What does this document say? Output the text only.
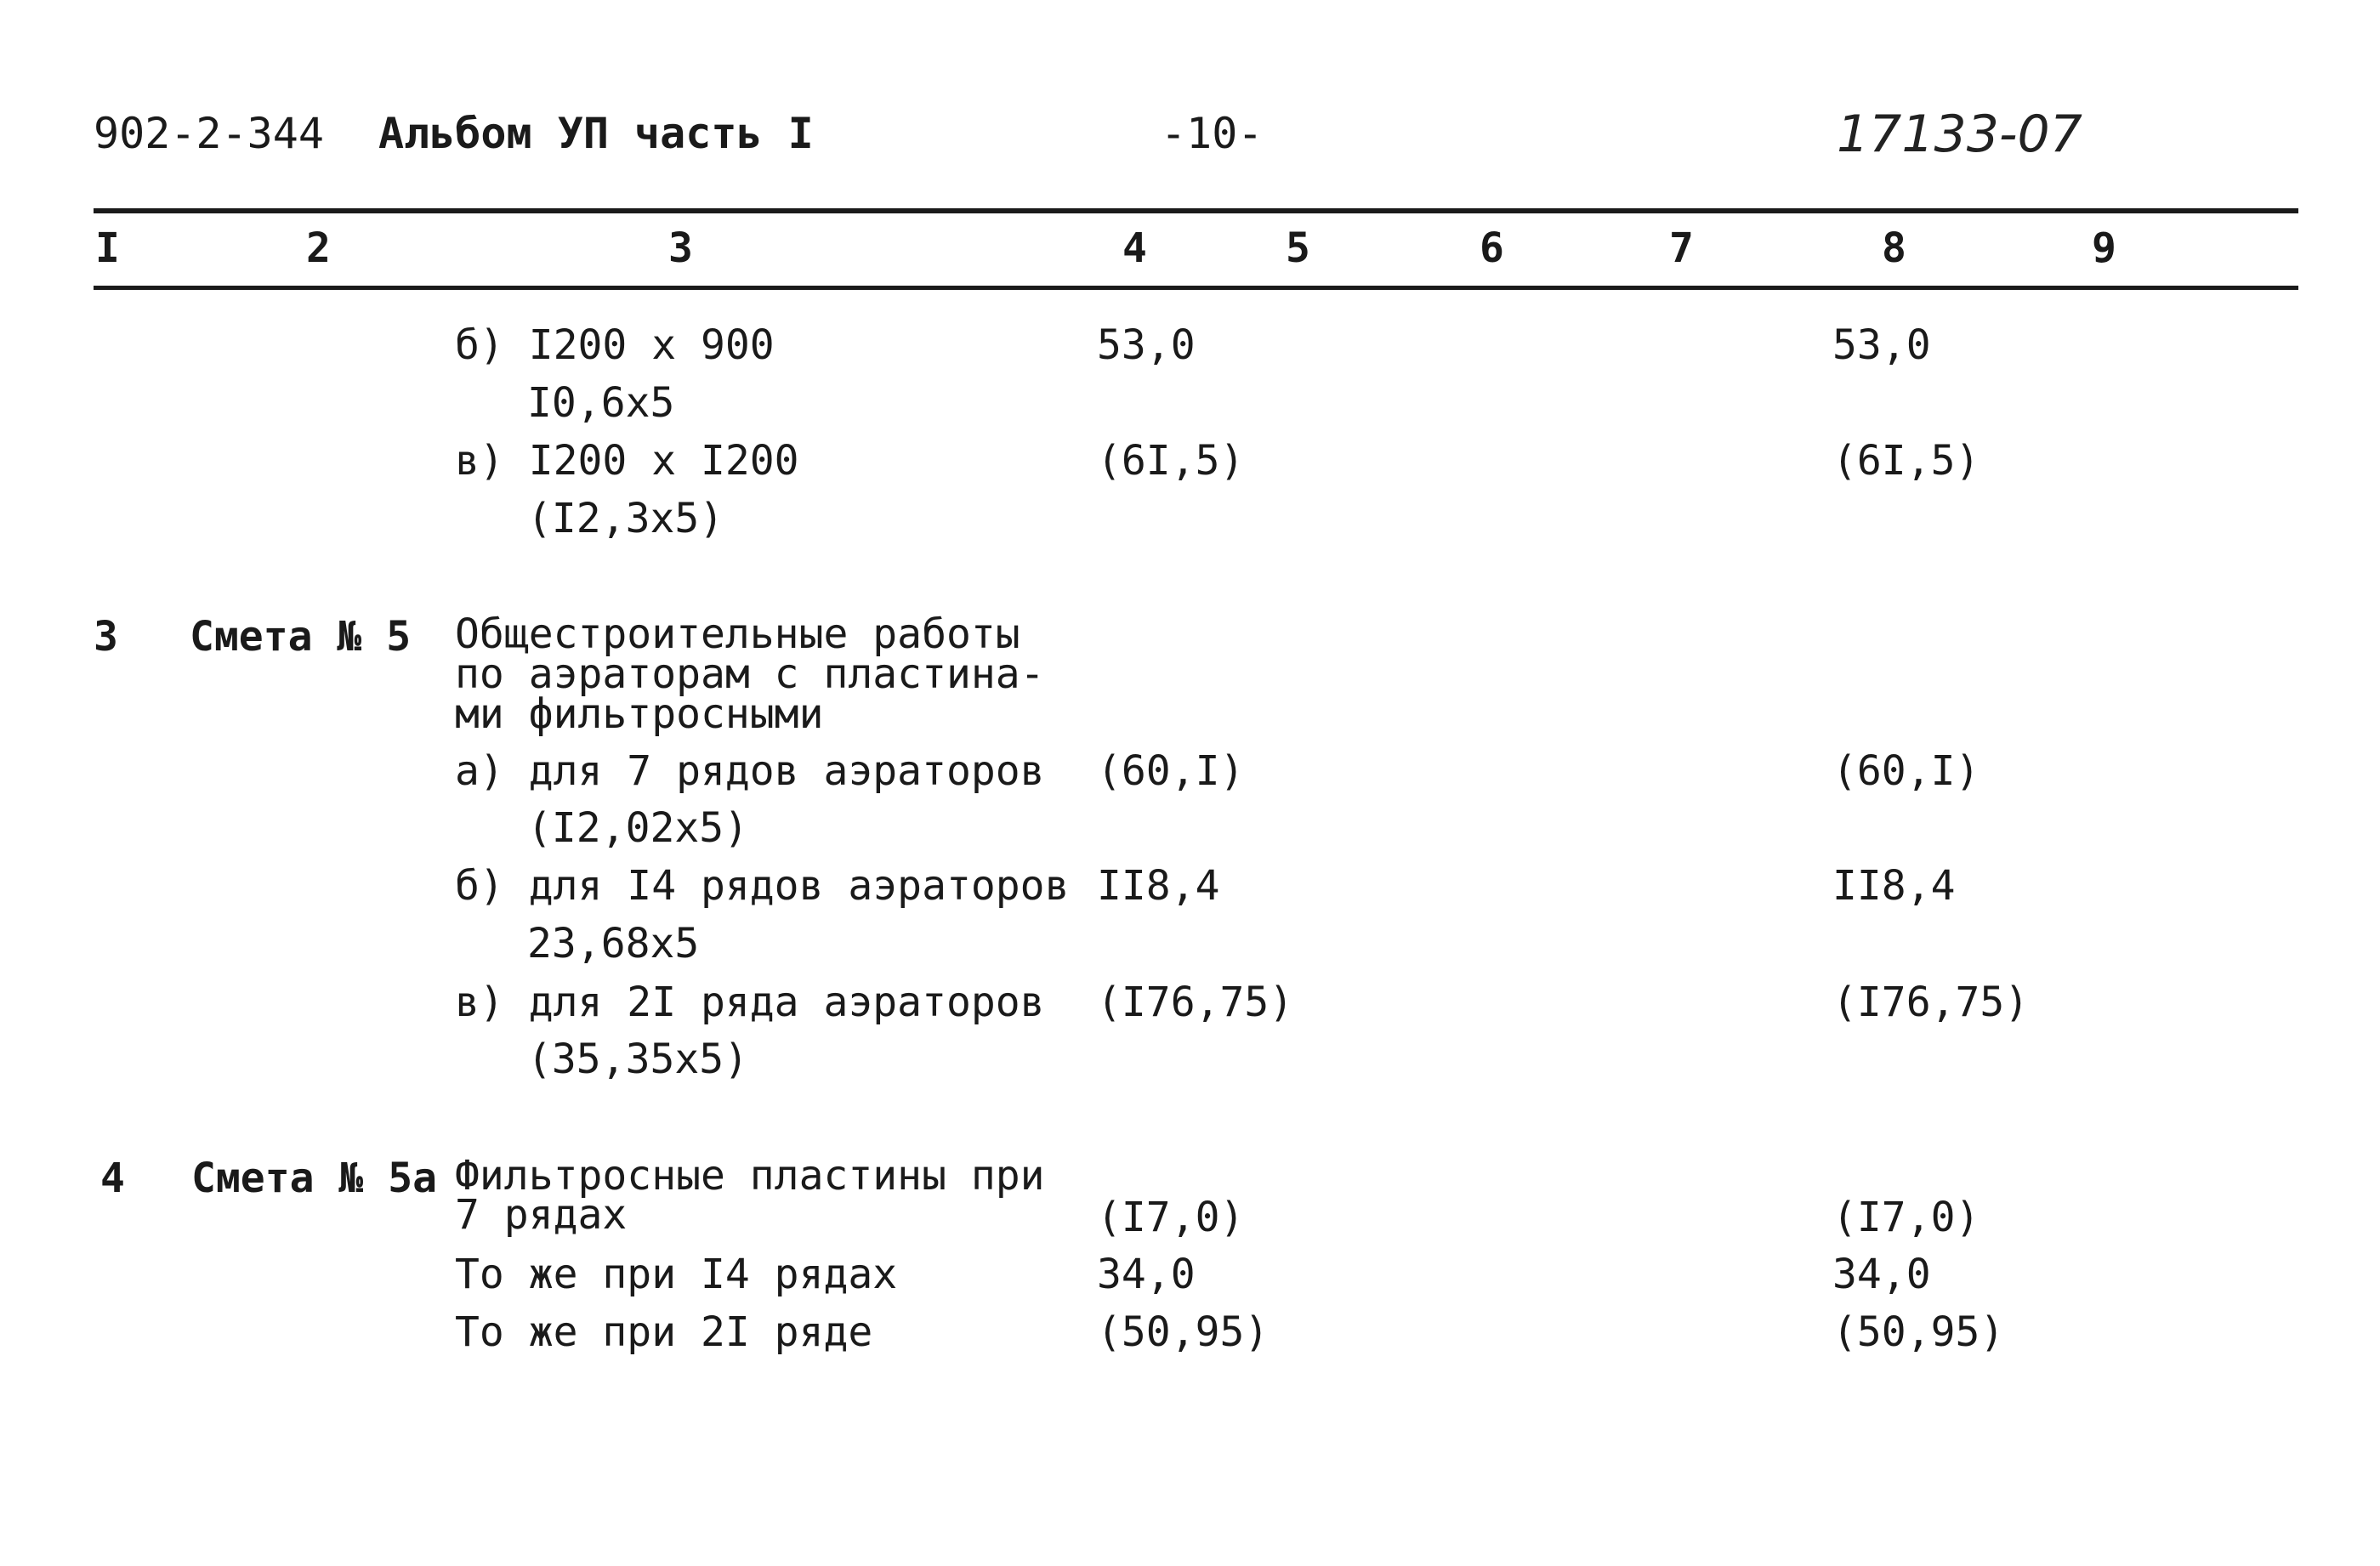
902-2-344 Альбом УП часть I	-10-	17133-07
I	2	3	4	5	6	7	8	9
б) I200 x 900	53,0	53,0
I0,6x5
в) I200 x I200	(6I,5)	(6I,5)
(I2,3x5)
3 Смета № 5 Общестроительные работы
по аэраторам с пластина-
ми фильтросными
а) для 7 рядов аэраторов (60,I)	(60,I)
(I2,02x5)
б) для I4 рядов аэраторов II8,4	II8,4
23,68x5
в) для 2I ряда аэраторов (I76,75)	(I76,75)
(35,35x5)
4 Смета № 5а Фильтросные пластины при
7 рядах	(I7,0)	(I7,0)
То же при I4 рядах	34,0	34,0
То же при 2I ряде	(50,95)	(50,95)
